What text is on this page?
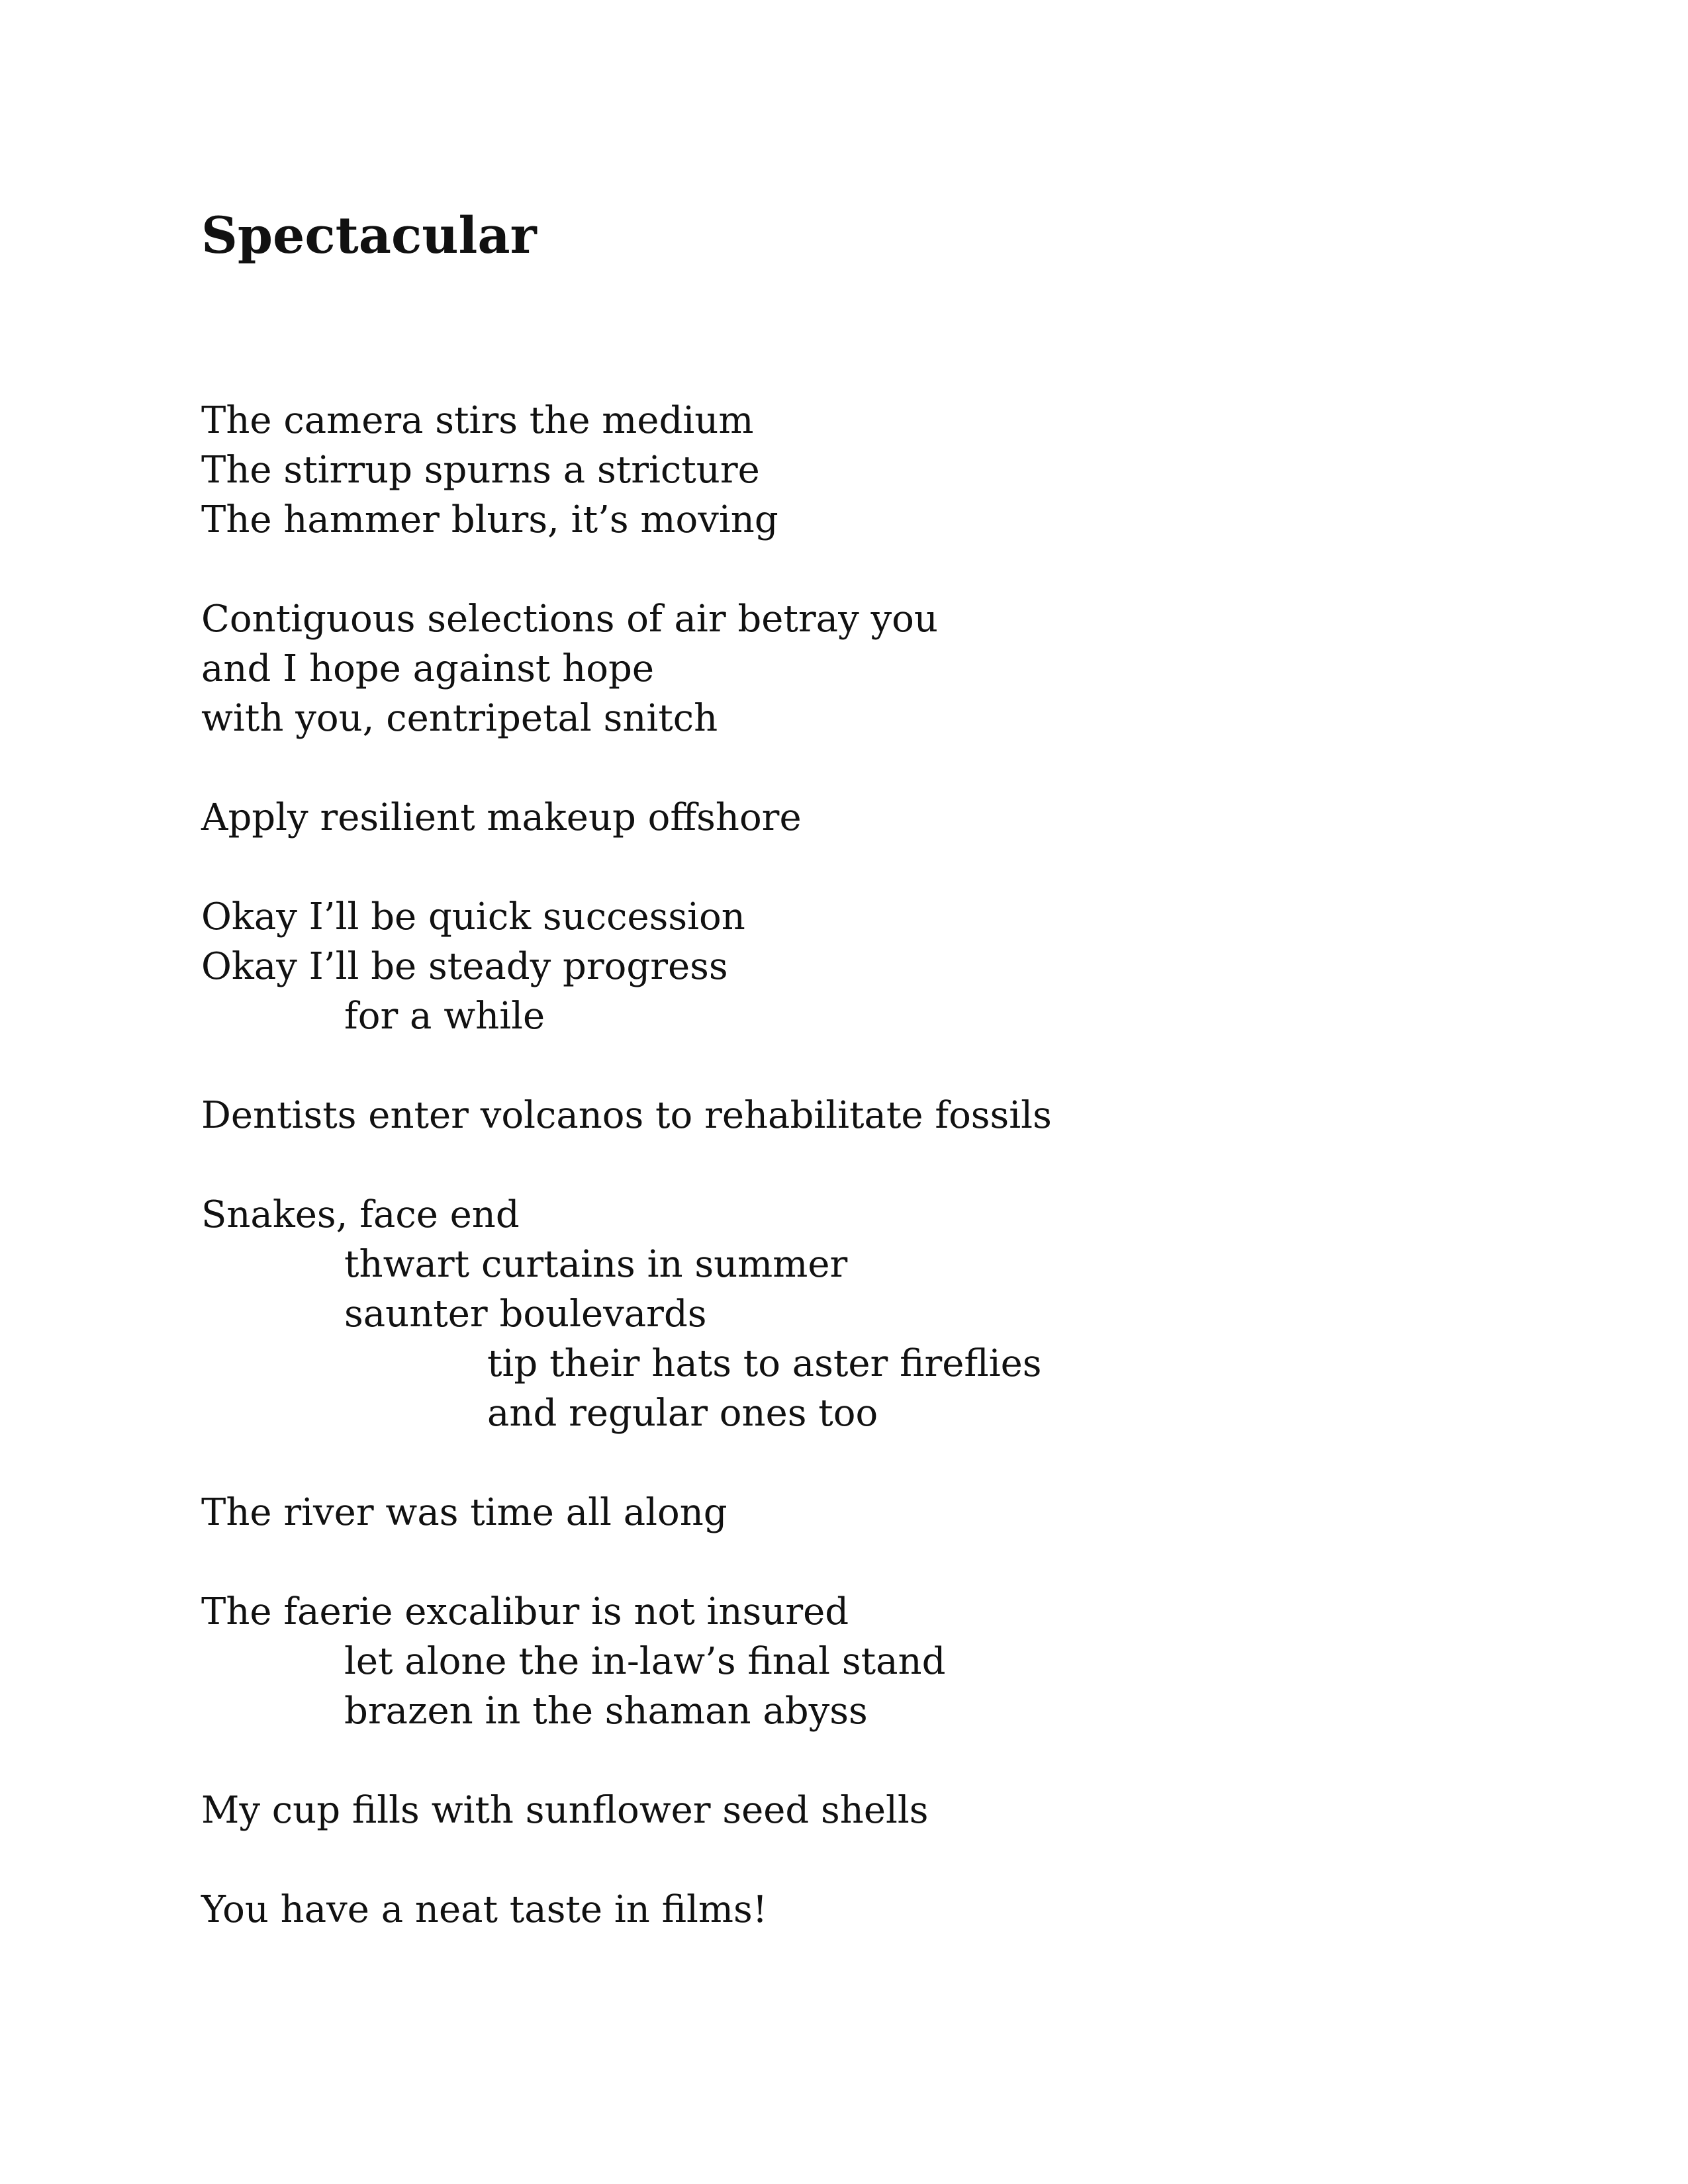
Spectacular
The camera stirs the medium
The stirrup spurns a stricture
The hammer blurs, it’s moving
Contiguous selections of air betray you
and I hope against hope
with you, centripetal snitch
Apply resilient makeup offshore
Okay I’ll be quick succession
Okay I’ll be steady progress
for a while
Dentists enter volcanos to rehabilitate fossils
Snakes, face end
thwart curtains in summer
saunter boulevards
tip their hats to aster fireflies
and regular ones too
The river was time all along
The faerie excalibur is not insured
let alone the in-law’s final stand
brazen in the shaman abyss
My cup fills with sunflower seed shells
You have a neat taste in films!
